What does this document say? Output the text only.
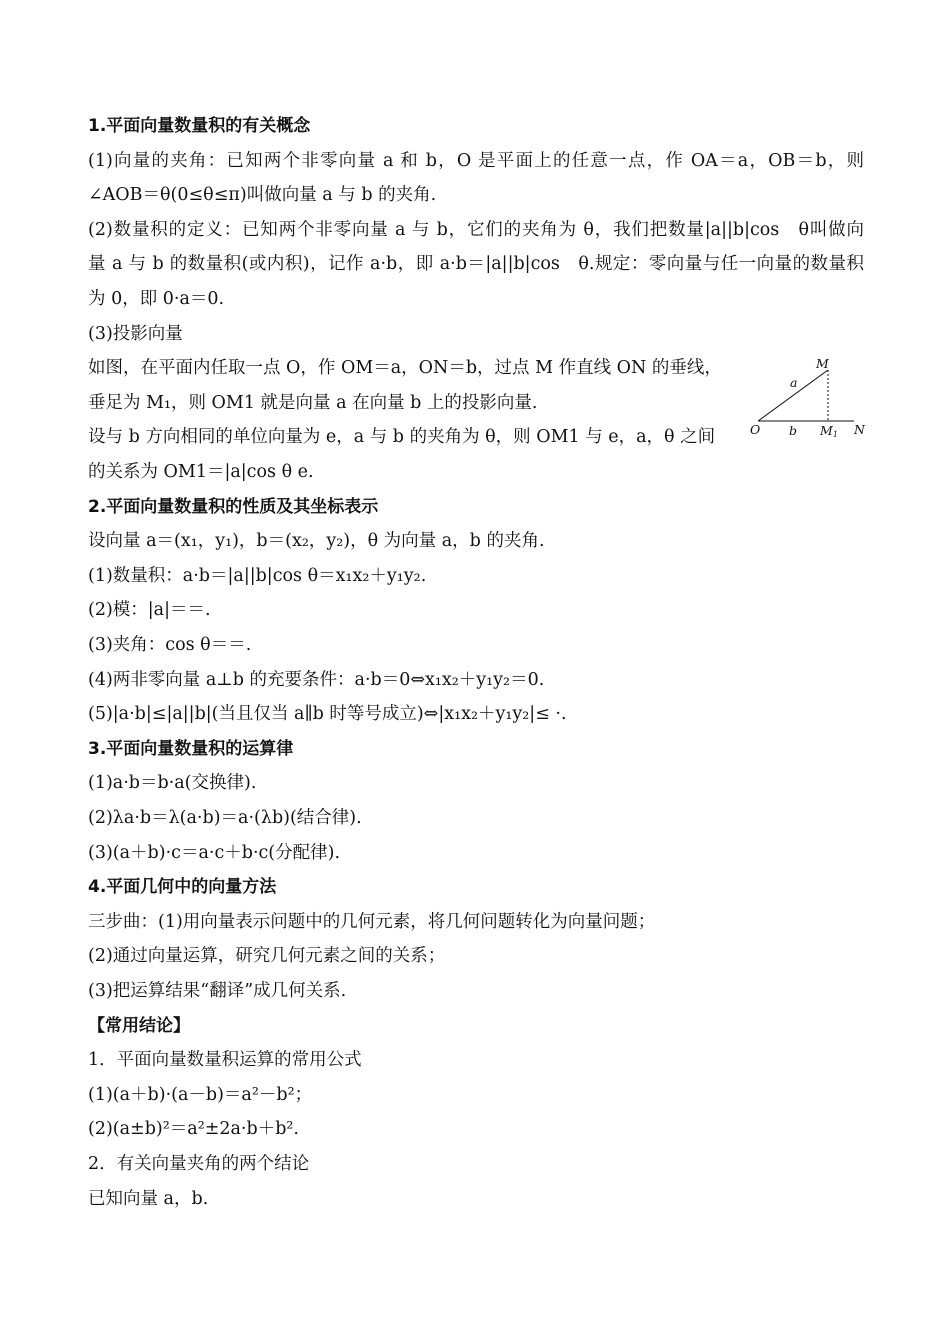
1.平面向量数量积的有关概念
(1)向量的夹角：已知两个非零向量 a 和 b，O 是平面上的任意一点，作 OA＝a，OB＝b，则
∠AOB＝θ(0≤θ≤π)叫做向量 a 与 b 的夹角.
(2)数量积的定义：已知两个非零向量 a 与 b，它们的夹角为 θ，我们把数量|a||b|cos　θ叫做向
量 a 与 b 的数量积(或内积)，记作 a·b，即 a·b＝|a||b|cos　θ.规定：零向量与任一向量的数量积
为 0，即 0·a＝0.
(3)投影向量
如图，在平面内任取一点 O，作 OM＝a，ON＝b，过点 M 作直线 ON 的垂线，
垂足为 M₁，则 OM1 就是向量 a 在向量 b 上的投影向量.
设与 b 方向相同的单位向量为 e，a 与 b 的夹角为 θ，则 OM1 与 e，a，θ 之间
的关系为 OM1＝|a|cos θ e.
2.平面向量数量积的性质及其坐标表示
设向量 a＝(x₁，y₁)，b＝(x₂，y₂)，θ 为向量 a，b 的夹角.
(1)数量积：a·b＝|a||b|cos θ＝x₁x₂＋y₁y₂.
(2)模：|a|＝＝.
(3)夹角：cos θ＝＝.
(4)两非零向量 a⊥b 的充要条件：a·b＝0⇔x₁x₂＋y₁y₂＝0.
(5)|a·b|≤|a||b|(当且仅当 a∥b 时等号成立)⇔|x₁x₂＋y₁y₂|≤ ·.
3.平面向量数量积的运算律
(1)a·b＝b·a(交换律).
(2)λa·b＝λ(a·b)＝a·(λb)(结合律).
(3)(a＋b)·c＝a·c＋b·c(分配律).
4.平面几何中的向量方法
三步曲：(1)用向量表示问题中的几何元素，将几何问题转化为向量问题；
(2)通过向量运算，研究几何元素之间的关系；
(3)把运算结果“翻译”成几何关系.
【常用结论】
1．平面向量数量积运算的常用公式
(1)(a＋b)·(a－b)＝a²－b²；
(2)(a±b)²＝a²±2a·b＋b².
2．有关向量夹角的两个结论
已知向量 a，b.
M
a
O b M1 N
